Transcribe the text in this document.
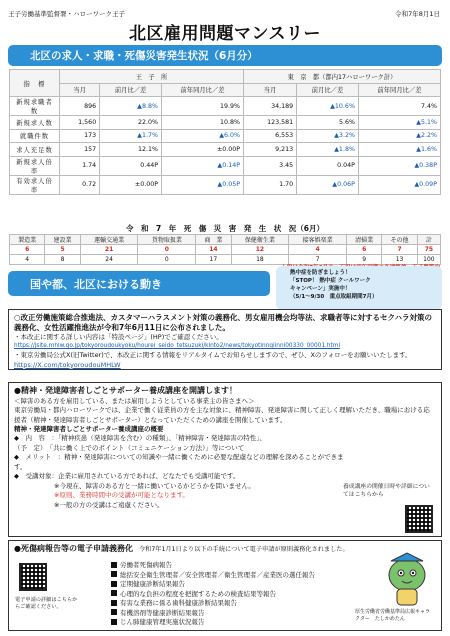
王子労働基準監督署・ハローワーク王子	令和7年8月1日
北区雇用問題マンスリー
北区の求人・求職・死傷災害発生状況（6月分）
指　標	王　子　所			東　京　都（都内17ハローワーク計）		
	当月	前月比／差	前年同月比／差	当月	前月比／差	前年同月比／差
新規求職者数	896	▲8.8%	19.9%	34,189	▲10.6%	7.4%
新規求人数	1,560	22.0%	10.8%	123,581	5.6%	▲5.1%
就職件数	173	▲1.7%	▲6.0%	6,553	▲3.2%	▲2.2%
求人充足数	157	12.1%	±0.00P	9,213	▲1.8%	▲1.6%
新規求人倍率	1.74	0.44P	▲0.14P	3.45	0.04P	▲0.38P
有効求人倍率	0.72	±0.00P	▲0.05P	1.70	▲0.06P	▲0.09P
令　和　7　年　死　傷　災　害　発　生　状　況（6月）
製造業	建設業	運輸交通業	貨物取扱業	商　業	保健衛生業	接客娯楽業	清掃業	その他	計
6	5	21	0	14	12	4	6	7	75
4	8	24	0	17	18	7	9	13	100
国や都、北区における動き
熱中症を防ぎましょう！
「STOP！ 熱中症 クールワーク
キャンペーン」実施中！
（5/1～9/30　重点取組期間7月）
○改正労働施策総合推進法、カスタマーハラスメント対策の義務化、男女雇用機会均等法、求職者等に対するセクハラ対策の義務化、女性活躍推進法が令和7年6月11日に公布されました。
・本改正に関する詳しい内容は「特設ページ」(HP)でご確認ください。
https://jsite.mhlw.go.jp/tokyoroudoukyoku/hourei_seido_tetsuzuki/kinto2/news/tokyotinngiinni00330_00001.html
・東京労働局公式X(旧Twitter)で、本改正に関する情報をリアルタイムでお知らせしますので、ぜひ、Xのフォローをお願いいたします。
https://X.com/tokyoroudouMHLW
●精神・発達障害者しごとサポーター養成講座を開講します！
＜障害のある方を雇用している、または雇用しようとしている事業主の皆さまへ＞
東京労働局・都内ハローワークでは、企業で働く従業員の方を主な対象に、精神障害、発達障害に関して正しく理解いただき、職場における応援者（精神・発達障害者しごとサポーター）となっていただくための講座を開催しています。
精神・発達障害者しごとサポーター養成講座の概要
◆　内　容　：「精神疾患（発達障害を含む）の種類」、「精神障害・発達障害の特性」、
（予　定）　「共に働く上でのポイント（コミュニケーション方法）」等について
◆　メリット　：精神・発達障害についての知識や一緒に働くために必要な配慮などの理解を深めることができます。
◆　受講対象：企業に雇用されている方であれば、どなたでも受講可能です。
※今現在、障害のある方と一緒に働いているかどうかを問いません。
※原則、業務時間中の受講が可能となります。
※一般の方の受講はご遠慮ください。
養成講座の開催日時や詳細についてはこちらから
●死傷病報告等の電子申請義務化 令和7年1月1日より以下の手続について電子申請が原則義務化されました。
電子申請の詳細はこちらからご確認ください。
労働者死傷病報告
総括安全衛生管理者／安全管理者／衛生管理者／産業医の選任報告
定期健康診断結果報告
心理的な負担の程度を把握するための検査結果等報告
有害な業務に係る歯科健康診断結果報告
有機溶剤等健康診断結果報告
じん肺健康管理実施状況報告
厚生労働省労働基準局広報キャラクター　たしかめたん
